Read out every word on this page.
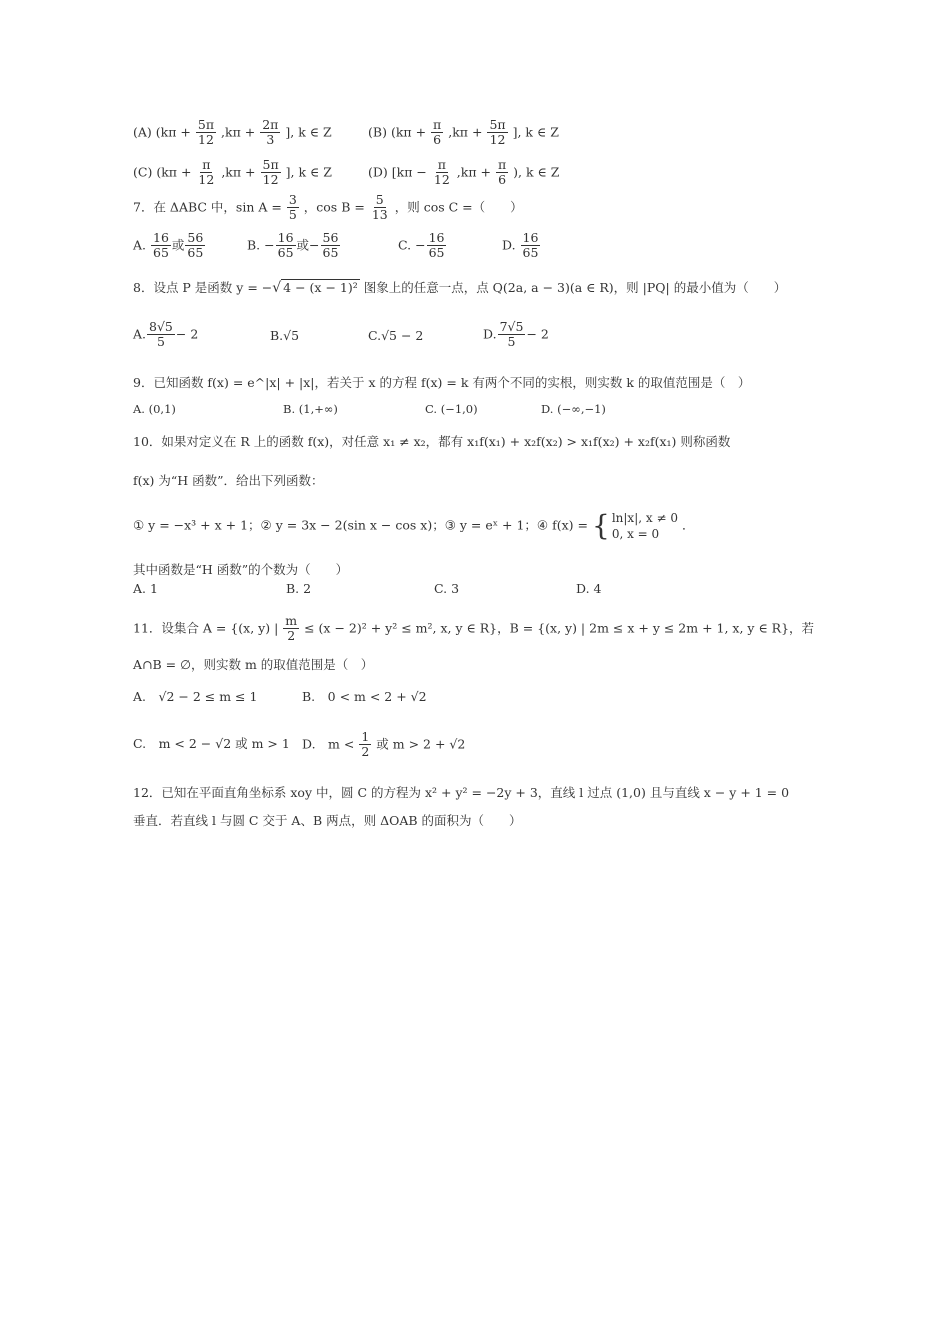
(A) ($k\pi + \frac{5\pi}{12} ,k\pi + \frac{2\pi}{3}$ ], k ∈ Z	(B) ($k\pi + \frac{\pi}{6} ,k\pi + \frac{5\pi}{12}$ ], k ∈ Z
(C) ($k\pi + \frac{\pi}{12} ,k\pi + \frac{5\pi}{12}$ ], k ∈ Z	(D) [$k\pi - \frac{\pi}{12} ,k\pi + \frac{\pi}{6}$ ), k ∈ Z
7．在 ΔABC 中，$\sin A = \frac{3}{5}$ ，$\cos B = \frac{5}{13}$ ，则 cos C =（　　）
A. $\frac{16}{65}$ 或 $\frac{56}{65}$	B. − $\frac{16}{65}$ 或− $\frac{56}{65}$	C. − $\frac{16}{65}$	D. $\frac{16}{65}$
8．设点 P 是函数 y = −√ 4 − (x − 1)² 图象上的任意一点，点 Q(2a, a − 3)(a ∈ R)，则 |PQ| 的最小值为（　　）
A. $\frac{8√5}{5} - 2$	B.√5	C.√5 − 2	D. $\frac{7√5}{5} - 2$
9．已知函数 f(x) = e^|x| + |x|，若关于 x 的方程 f(x) = k 有两个不同的实根，则实数 k 的取值范围是（　）
A. (0,1)	B. (1,+∞)	C. (−1,0)	D. (−∞,−1)
10．如果对定义在 R 上的函数 f(x)，对任意 x₁ ≠ x₂，都有 x₁f(x₁) + x₂f(x₂) > x₁f(x₂) + x₂f(x₁) 则称函数
f(x) 为“H 函数”．给出下列函数：
① y = −x³ + x + 1；② y = 3x − 2(sin x − cos x)；③ y = eˣ + 1；④ f(x) = { ln|x|, x ≠ 0
0, x = 0
．
其中函数是“H 函数”的个数为（　　）
A. 1	B. 2	C. 3	D. 4
11．设集合 A = {(x, y) | $\frac{m}{2} \le (x - 2)^2 + y^2 \le m^2$, x, y ∈ R}，B = {(x, y) | 2m ≤ x + y ≤ 2m + 1, x, y ∈ R}，若
A∩B = ∅，则实数 m 的取值范围是（　）
A.　√2 − 2 ≤ m ≤ 1	B.　0 < m < 2 + √2
C.　m < 2 − √2 或 m > 1 D.　$m < \frac{1}{2}$ 或 m > 2 + √2
12．已知在平面直角坐标系 xoy 中，圆 C 的方程为 x² + y² = −2y + 3，直线 l 过点 (1,0) 且与直线 x − y + 1 = 0
垂直．若直线 l 与圆 C 交于 A、B 两点，则 ΔOAB 的面积为（　　）
